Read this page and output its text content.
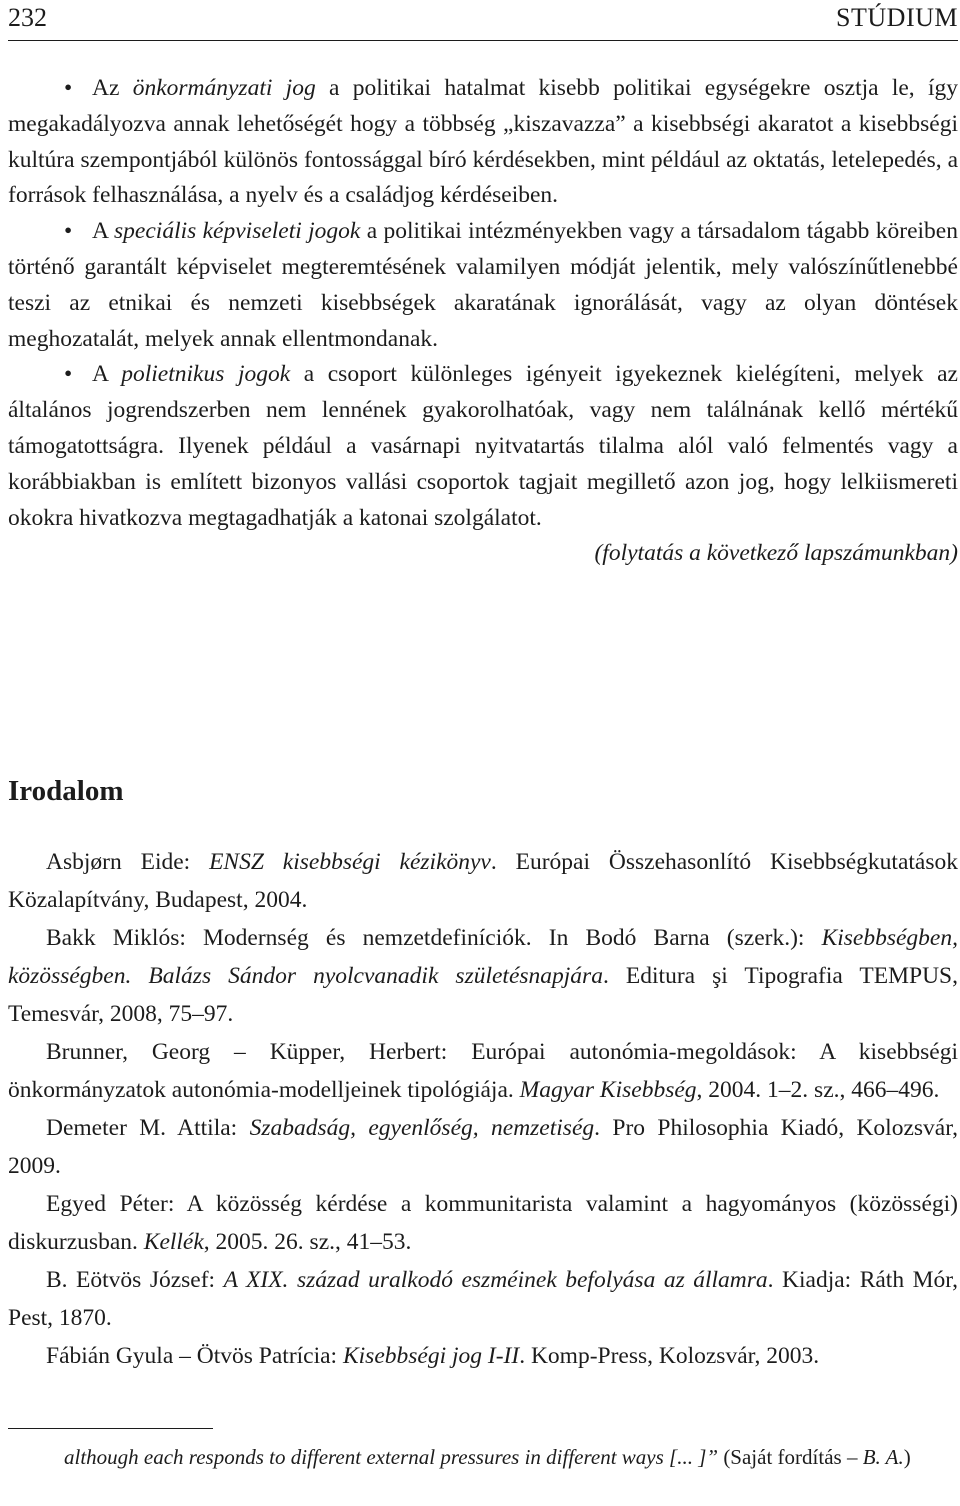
232	STÚDIUM

• Az önkormányzati jog a politikai hatalmat kisebb politikai egységekre osztja le, így megakadályozva annak lehetőségét hogy a többség „kiszavazza” a kisebbségi akaratot a kisebbségi kultúra szempontjából különös fontossággal bíró kérdésekben, mint például az oktatás, letelepedés, a források felhasználása, a nyelv és a családjog kérdéseiben.

• A speciális képviseleti jogok a politikai intézményekben vagy a társadalom tágabb köreiben történő garantált képviselet megteremtésének valamilyen módját jelentik, mely valószínűtlenebbé teszi az etnikai és nemzeti kisebbségek akaratának ignorálását, vagy az olyan döntések meghozatalát, melyek annak ellentmondanak.

• A polietnikus jogok a csoport különleges igényeit igyekeznek kielégíteni, melyek az általános jogrendszerben nem lennének gyakorolhatóak, vagy nem találnának kellő mértékű támogatottságra. Ilyenek például a vasárnapi nyitvatartás tilalma alól való felmentés vagy a korábbiakban is említett bizonyos vallási csoportok tagjait megillető azon jog, hogy lelkiismereti okokra hivatkozva megtagadhatják a katonai szolgálatot.

(folytatás a következő lapszámunkban)

Irodalom

Asbjørn Eide: ENSZ kisebbségi kézikönyv. Európai Összehasonlító Kisebbségkutatások Közalapítvány, Budapest, 2004.

Bakk Miklós: Modernség és nemzetdefiníciók. In Bodó Barna (szerk.): Kisebbségben, közösségben. Balázs Sándor nyolcvanadik születésnapjára. Editura şi Tipografia TEMPUS, Temesvár, 2008, 75–97.

Brunner, Georg – Küpper, Herbert: Európai autonómia-megoldások: A kisebbségi önkormányzatok autonómia-modelljeinek tipológiája. Magyar Kisebbség, 2004. 1–2. sz., 466–496.

Demeter M. Attila: Szabadság, egyenlőség, nemzetiség. Pro Philosophia Kiadó, Kolozsvár, 2009.

Egyed Péter: A közösség kérdése a kommunitarista valamint a hagyományos (közösségi) diskurzusban. Kellék, 2005. 26. sz., 41–53.

B. Eötvös József: A XIX. század uralkodó eszméinek befolyása az államra. Kiadja: Ráth Mór, Pest, 1870.

Fábián Gyula – Ötvös Patrícia: Kisebbségi jog I-II. Komp-Press, Kolozsvár, 2003.

although each responds to different external pressures in different ways [... ]” (Saját fordítás – B. A.)
